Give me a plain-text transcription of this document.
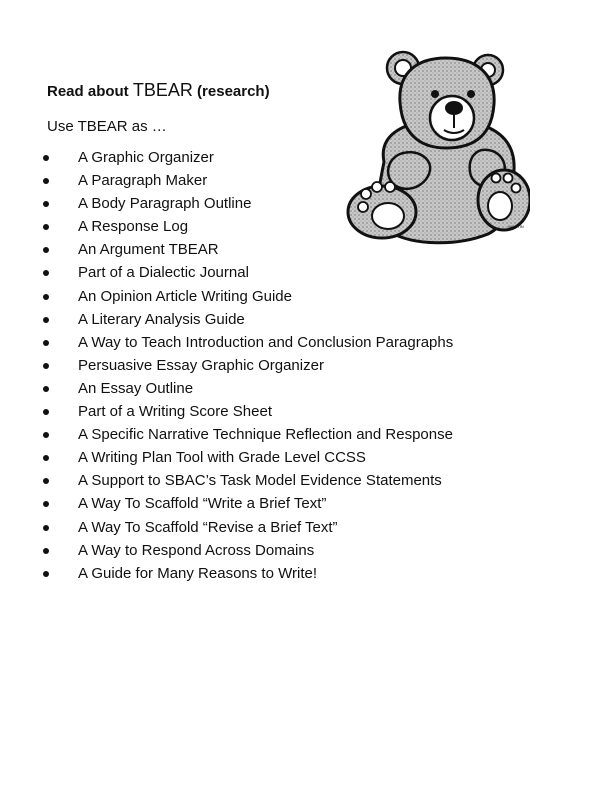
Read about TBEAR (research)
Use TBEAR as …
A Graphic Organizer
A Paragraph Maker
A Body Paragraph Outline
A Response Log
An Argument TBEAR
Part of a Dialectic Journal
An Opinion Article Writing Guide
A Literary Analysis Guide
A Way to Teach Introduction and Conclusion Paragraphs
Persuasive Essay Graphic Organizer
An Essay Outline
Part of a Writing Score Sheet
A Specific Narrative Technique Reflection and Response
A Writing Plan Tool with Grade Level CCSS
A Support to SBAC’s Task Model Evidence Statements
A Way To Scaffold “Write a Brief Text”
A Way To Scaffold “Revise a Brief Text”
A Way to Respond Across Domains
A Guide for Many Reasons to Write!
MARTIN
